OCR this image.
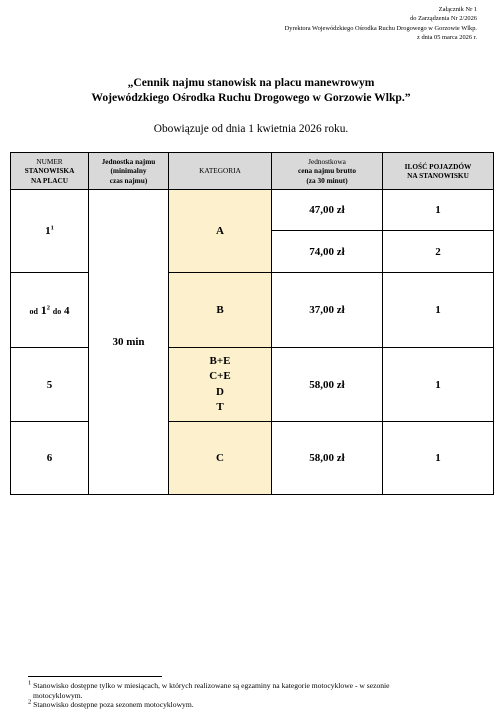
Załącznik Nr 1
do Zarządzenia Nr 2/2026
Dyrektora Wojewódzkiego Ośrodka Ruchu Drogowego w Gorzowie Wlkp.
z dnia 05 marca 2026 r.
„Cennik najmu stanowisk na placu manewrowym
Wojewódzkiego Ośrodka Ruchu Drogowego w Gorzowie Wlkp.”
Obowiązuje od dnia 1 kwietnia 2026 roku.
NUMER
STANOWISKA
NA PLACU	Jednostka najmu
(minimalny
czas najmu)	KATEGORIA	Jednostkowa
cena najmu brutto
(za 30 minut)	ILOŚĆ POJAZDÓW
NA STANOWISKU
$1^1$	30 min	A	47,00 zł	1
			74,00 zł	2
od $1^2$ do 4		B	37,00 zł	1
5		B+E
C+E
D
T	58,00 zł	1
6		C	58,00 zł	1

$^1$ Stanowisko dostępne tylko w miesiącach, w których realizowane są egzaminy na kategorie motocyklowe - w sezonie

motocyklowym.

$^2$ Stanowisko dostępne poza sezonem motocyklowym.
